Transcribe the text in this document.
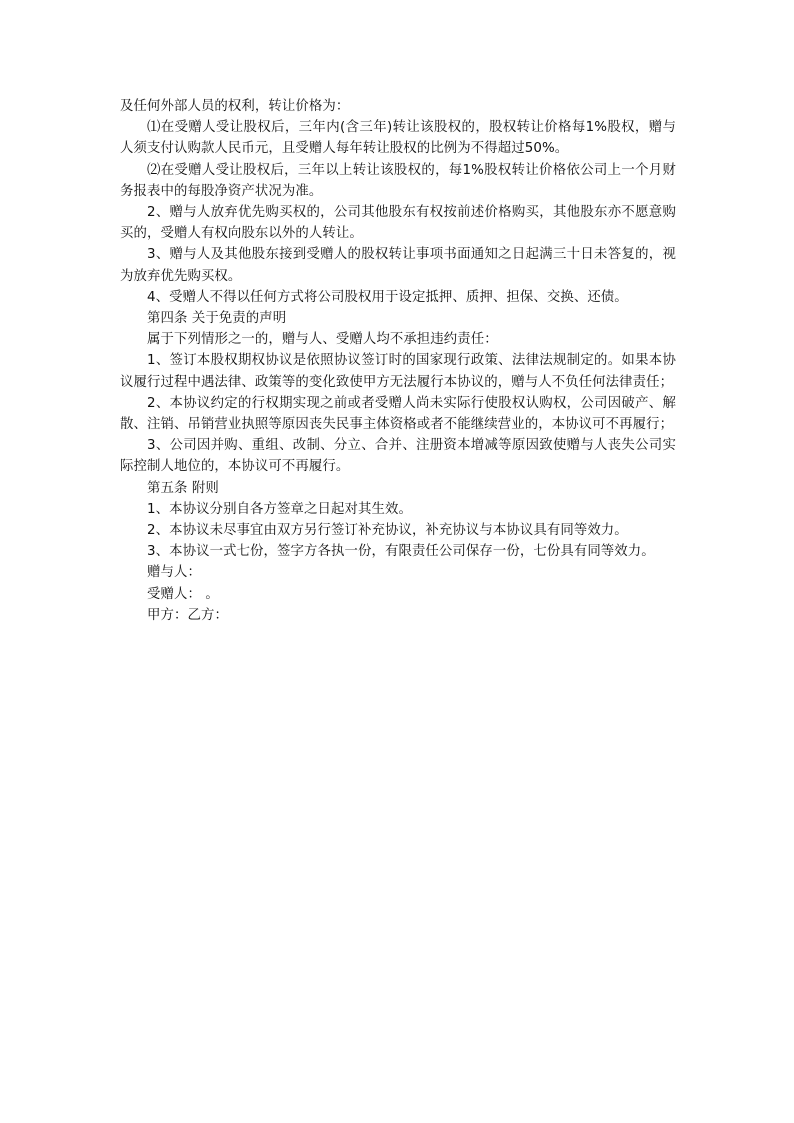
及任何外部人员的权利，转让价格为：

⑴在受赠人受让股权后，三年内(含三年)转让该股权的，股权转让价格每1%股权，赠与人须支付认购款人民币元，且受赠人每年转让股权的比例为不得超过50%。

⑵在受赠人受让股权后，三年以上转让该股权的，每1%股权转让价格依公司上一个月财务报表中的每股净资产状况为准。

2、赠与人放弃优先购买权的，公司其他股东有权按前述价格购买，其他股东亦不愿意购买的，受赠人有权向股东以外的人转让。

3、赠与人及其他股东接到受赠人的股权转让事项书面通知之日起满三十日未答复的，视为放弃优先购买权。

4、受赠人不得以任何方式将公司股权用于设定抵押、质押、担保、交换、还债。

第四条 关于免责的声明

属于下列情形之一的，赠与人、受赠人均不承担违约责任：

1、签订本股权期权协议是依照协议签订时的国家现行政策、法律法规制定的。如果本协议履行过程中遇法律、政策等的变化致使甲方无法履行本协议的，赠与人不负任何法律责任；

2、本协议约定的行权期实现之前或者受赠人尚未实际行使股权认购权，公司因破产、解散、注销、吊销营业执照等原因丧失民事主体资格或者不能继续营业的，本协议可不再履行；

3、公司因并购、重组、改制、分立、合并、注册资本增减等原因致使赠与人丧失公司实际控制人地位的，本协议可不再履行。

第五条 附则

1、本协议分别自各方签章之日起对其生效。

2、本协议未尽事宜由双方另行签订补充协议，补充协议与本协议具有同等效力。

3、本协议一式七份，签字方各执一份，有限责任公司保存一份，七份具有同等效力。

赠与人：

受赠人： 。

甲方：乙方：
